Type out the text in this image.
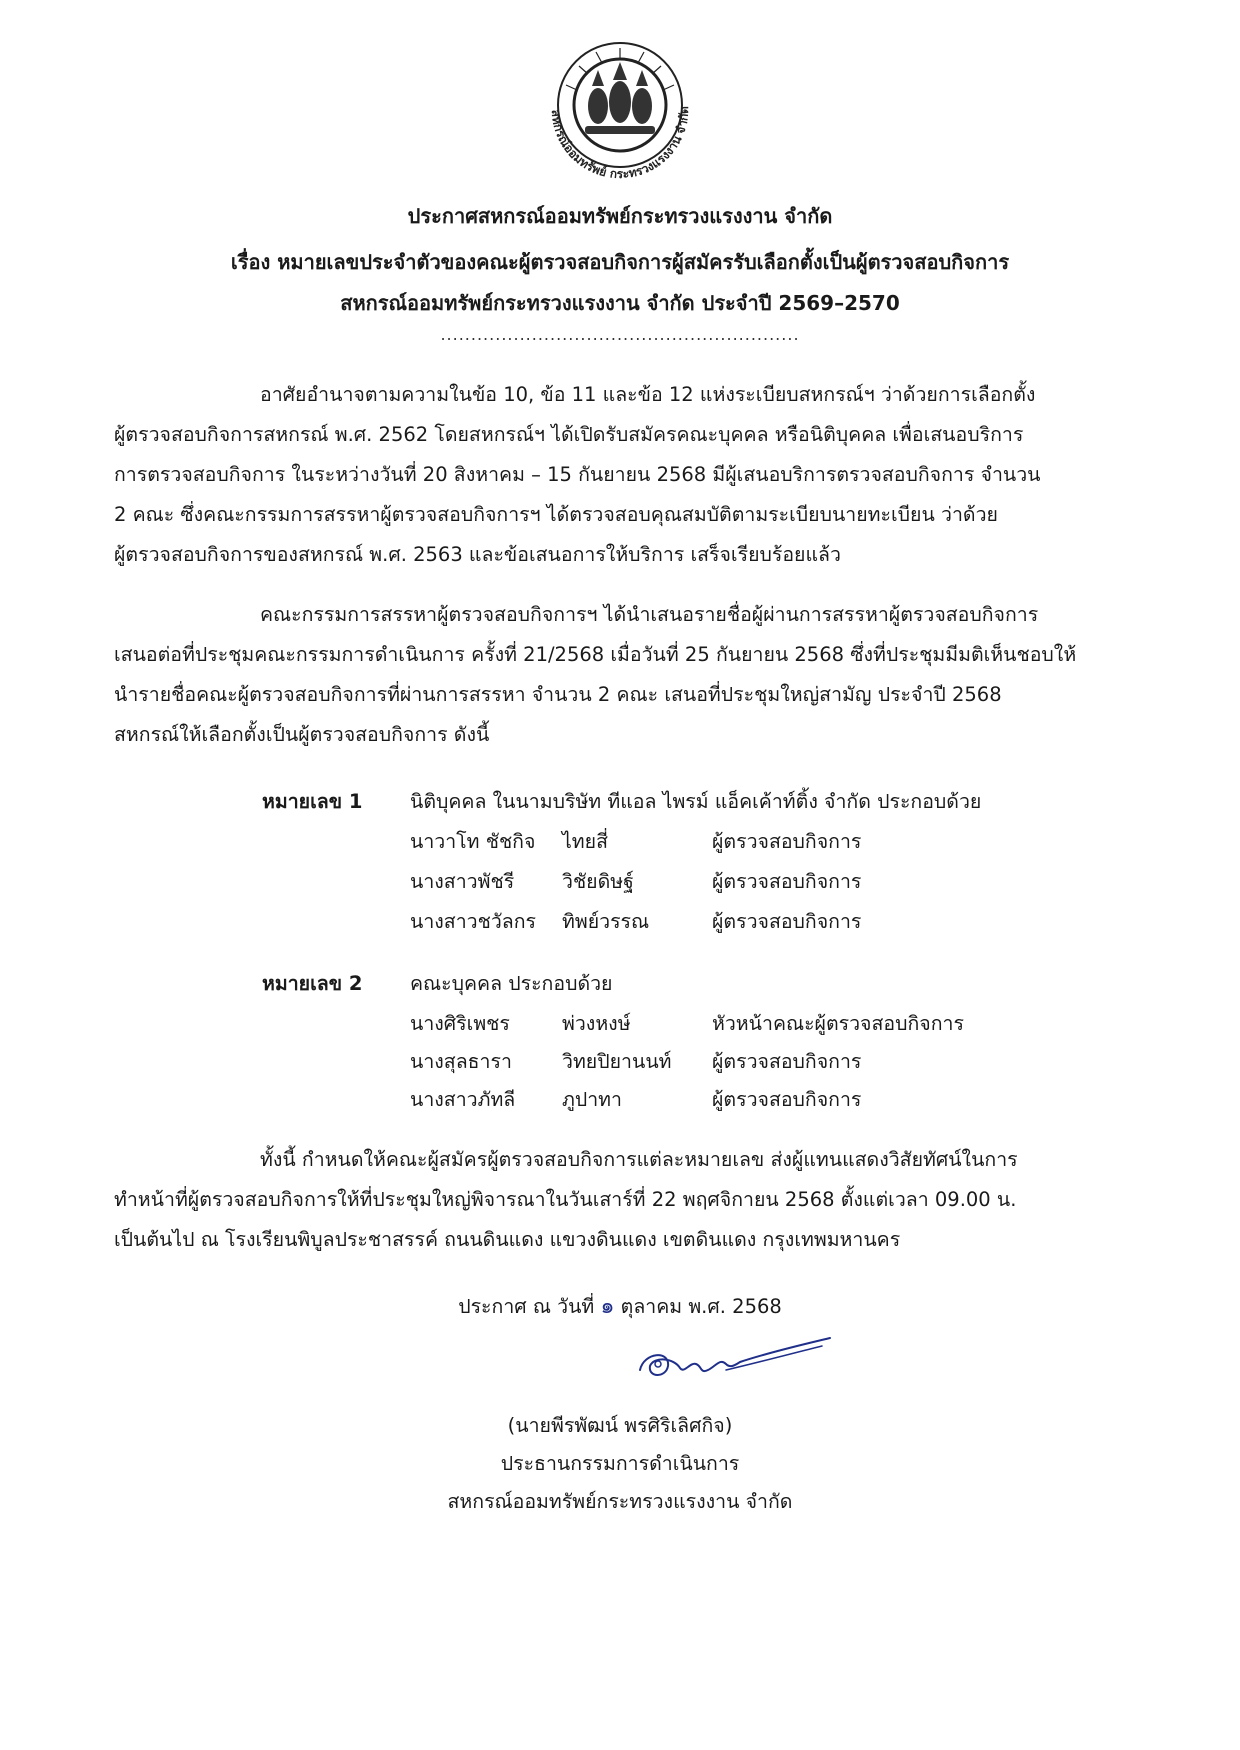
สหกรณ์ออมทรัพย์ กระทรวงแรงงาน จำกัด
ประกาศสหกรณ์ออมทรัพย์กระทรวงแรงงาน จำกัด
เรื่อง หมายเลขประจำตัวของคณะผู้ตรวจสอบกิจการผู้สมัครรับเลือกตั้งเป็นผู้ตรวจสอบกิจการ
สหกรณ์ออมทรัพย์กระทรวงแรงงาน จำกัด ประจำปี 2569–2570
...........................................................
อาศัยอำนาจตามความในข้อ 10, ข้อ 11 และข้อ 12 แห่งระเบียบสหกรณ์ฯ ว่าด้วยการเลือกตั้ง
ผู้ตรวจสอบกิจการสหกรณ์ พ.ศ. 2562 โดยสหกรณ์ฯ ได้เปิดรับสมัครคณะบุคคล หรือนิติบุคคล เพื่อเสนอบริการ
การตรวจสอบกิจการ ในระหว่างวันที่ 20 สิงหาคม – 15 กันยายน 2568 มีผู้เสนอบริการตรวจสอบกิจการ จำนวน
2 คณะ ซึ่งคณะกรรมการสรรหาผู้ตรวจสอบกิจการฯ ได้ตรวจสอบคุณสมบัติตามระเบียบนายทะเบียน ว่าด้วย
ผู้ตรวจสอบกิจการของสหกรณ์ พ.ศ. 2563 และข้อเสนอการให้บริการ เสร็จเรียบร้อยแล้ว
คณะกรรมการสรรหาผู้ตรวจสอบกิจการฯ ได้นำเสนอรายชื่อผู้ผ่านการสรรหาผู้ตรวจสอบกิจการ
เสนอต่อที่ประชุมคณะกรรมการดำเนินการ ครั้งที่ 21/2568 เมื่อวันที่ 25 กันยายน 2568 ซึ่งที่ประชุมมีมติเห็นชอบให้
นำรายชื่อคณะผู้ตรวจสอบกิจการที่ผ่านการสรรหา จำนวน 2 คณะ เสนอที่ประชุมใหญ่สามัญ ประจำปี 2568
สหกรณ์ให้เลือกตั้งเป็นผู้ตรวจสอบกิจการ ดังนี้
หมายเลข 1 นิติบุคคล ในนามบริษัท ทีแอล ไพรม์ แอ็คเค้าท์ติ้ง จำกัด ประกอบด้วย
นาวาโท ชัชกิจ ไทยสี่	ผู้ตรวจสอบกิจการ
นางสาวพัชรี วิชัยดิษฐ์	ผู้ตรวจสอบกิจการ
นางสาวชวัลกร ทิพย์วรรณ	ผู้ตรวจสอบกิจการ
หมายเลข 2 คณะบุคคล ประกอบด้วย
นางศิริเพชร	พ่วงหงษ์	หัวหน้าคณะผู้ตรวจสอบกิจการ
นางสุลธารา	วิทยปิยานนท์ ผู้ตรวจสอบกิจการ
นางสาวภัทลี ภูปาทา	ผู้ตรวจสอบกิจการ
ทั้งนี้ กำหนดให้คณะผู้สมัครผู้ตรวจสอบกิจการแต่ละหมายเลข ส่งผู้แทนแสดงวิสัยทัศน์ในการ
ทำหน้าที่ผู้ตรวจสอบกิจการให้ที่ประชุมใหญ่พิจารณาในวันเสาร์ที่ 22 พฤศจิกายน 2568 ตั้งแต่เวลา 09.00 น.
เป็นต้นไป ณ โรงเรียนพิบูลประชาสรรค์ ถนนดินแดง แขวงดินแดง เขตดินแดง กรุงเทพมหานคร
ประกาศ ณ วันที่ ๑ ตุลาคม พ.ศ. 2568
(นายพีรพัฒน์ พรศิริเลิศกิจ)
ประธานกรรมการดำเนินการ
สหกรณ์ออมทรัพย์กระทรวงแรงงาน จำกัด
